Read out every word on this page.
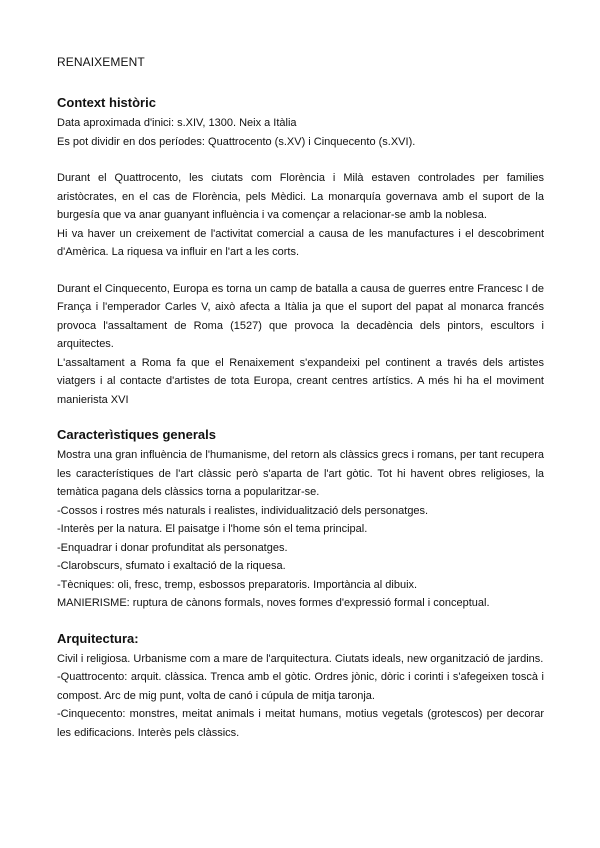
RENAIXEMENT
Context històric

Data aproximada d'inici: s.XIV, 1300. Neix a Itàlia

Es pot dividir en dos períodes: Quattrocento (s.XV) i Cinquecento (s.XVI).

Durant el Quattrocento, les ciutats com Florència i Milà estaven controlades per families aristòcrates, en el cas de Florència, pels Mèdici. La monarquía governava amb el suport de la burgesía que va anar guanyant influència i va començar a relacionar-se amb la noblesa.

Hi va haver un creixement de l'activitat comercial a causa de les manufactures i el descobriment d'Amèrica. La riquesa va influir en l'art a les corts.

Durant el Cinquecento, Europa es torna un camp de batalla a causa de guerres entre Francesc I de França i l'emperador Carles V, això afecta a Itàlia ja que el suport del papat al monarca francés provoca l'assaltament de Roma (1527) que provoca la decadència dels pintors, escultors i arquitectes.

L'assaltament a Roma fa que el Renaixement s'expandeixi pel continent a través dels artistes viatgers i al contacte d'artistes de tota Europa, creant centres artístics. A més hi ha el moviment manierista XVI

Caracterìstiques generals

Mostra una gran influència de l'humanisme, del retorn als clàssics grecs i romans, per tant recupera les característiques de l'art clàssic però s'aparta de l'art gòtic. Tot hi havent obres religioses, la temàtica pagana dels clàssics torna a popularitzar-se.

-Cossos i rostres més naturals i realistes, individualització dels personatges.

-Interès per la natura. El paisatge i l'home són el tema principal.

-Enquadrar i donar profunditat als personatges.

-Clarobscurs, sfumato i exaltació de la riquesa.

-Tècniques: oli, fresc, tremp, esbossos preparatoris. Importància al dibuix.

MANIERISME: ruptura de cànons formals, noves formes d'expressió formal i conceptual.

Arquitectura:

Civil i religiosa. Urbanisme com a mare de l'arquitectura. Ciutats ideals, new organització de jardins.

-Quattrocento: arquit. clàssica. Trenca amb el gòtic. Ordres jònic, dòric i corinti i s'afegeixen toscà i compost. Arc de mig punt, volta de canó i cúpula de mitja taronja.

-Cinquecento: monstres, meitat animals i meitat humans, motius vegetals (grotescos) per decorar les edificacions. Interès pels clàssics.
